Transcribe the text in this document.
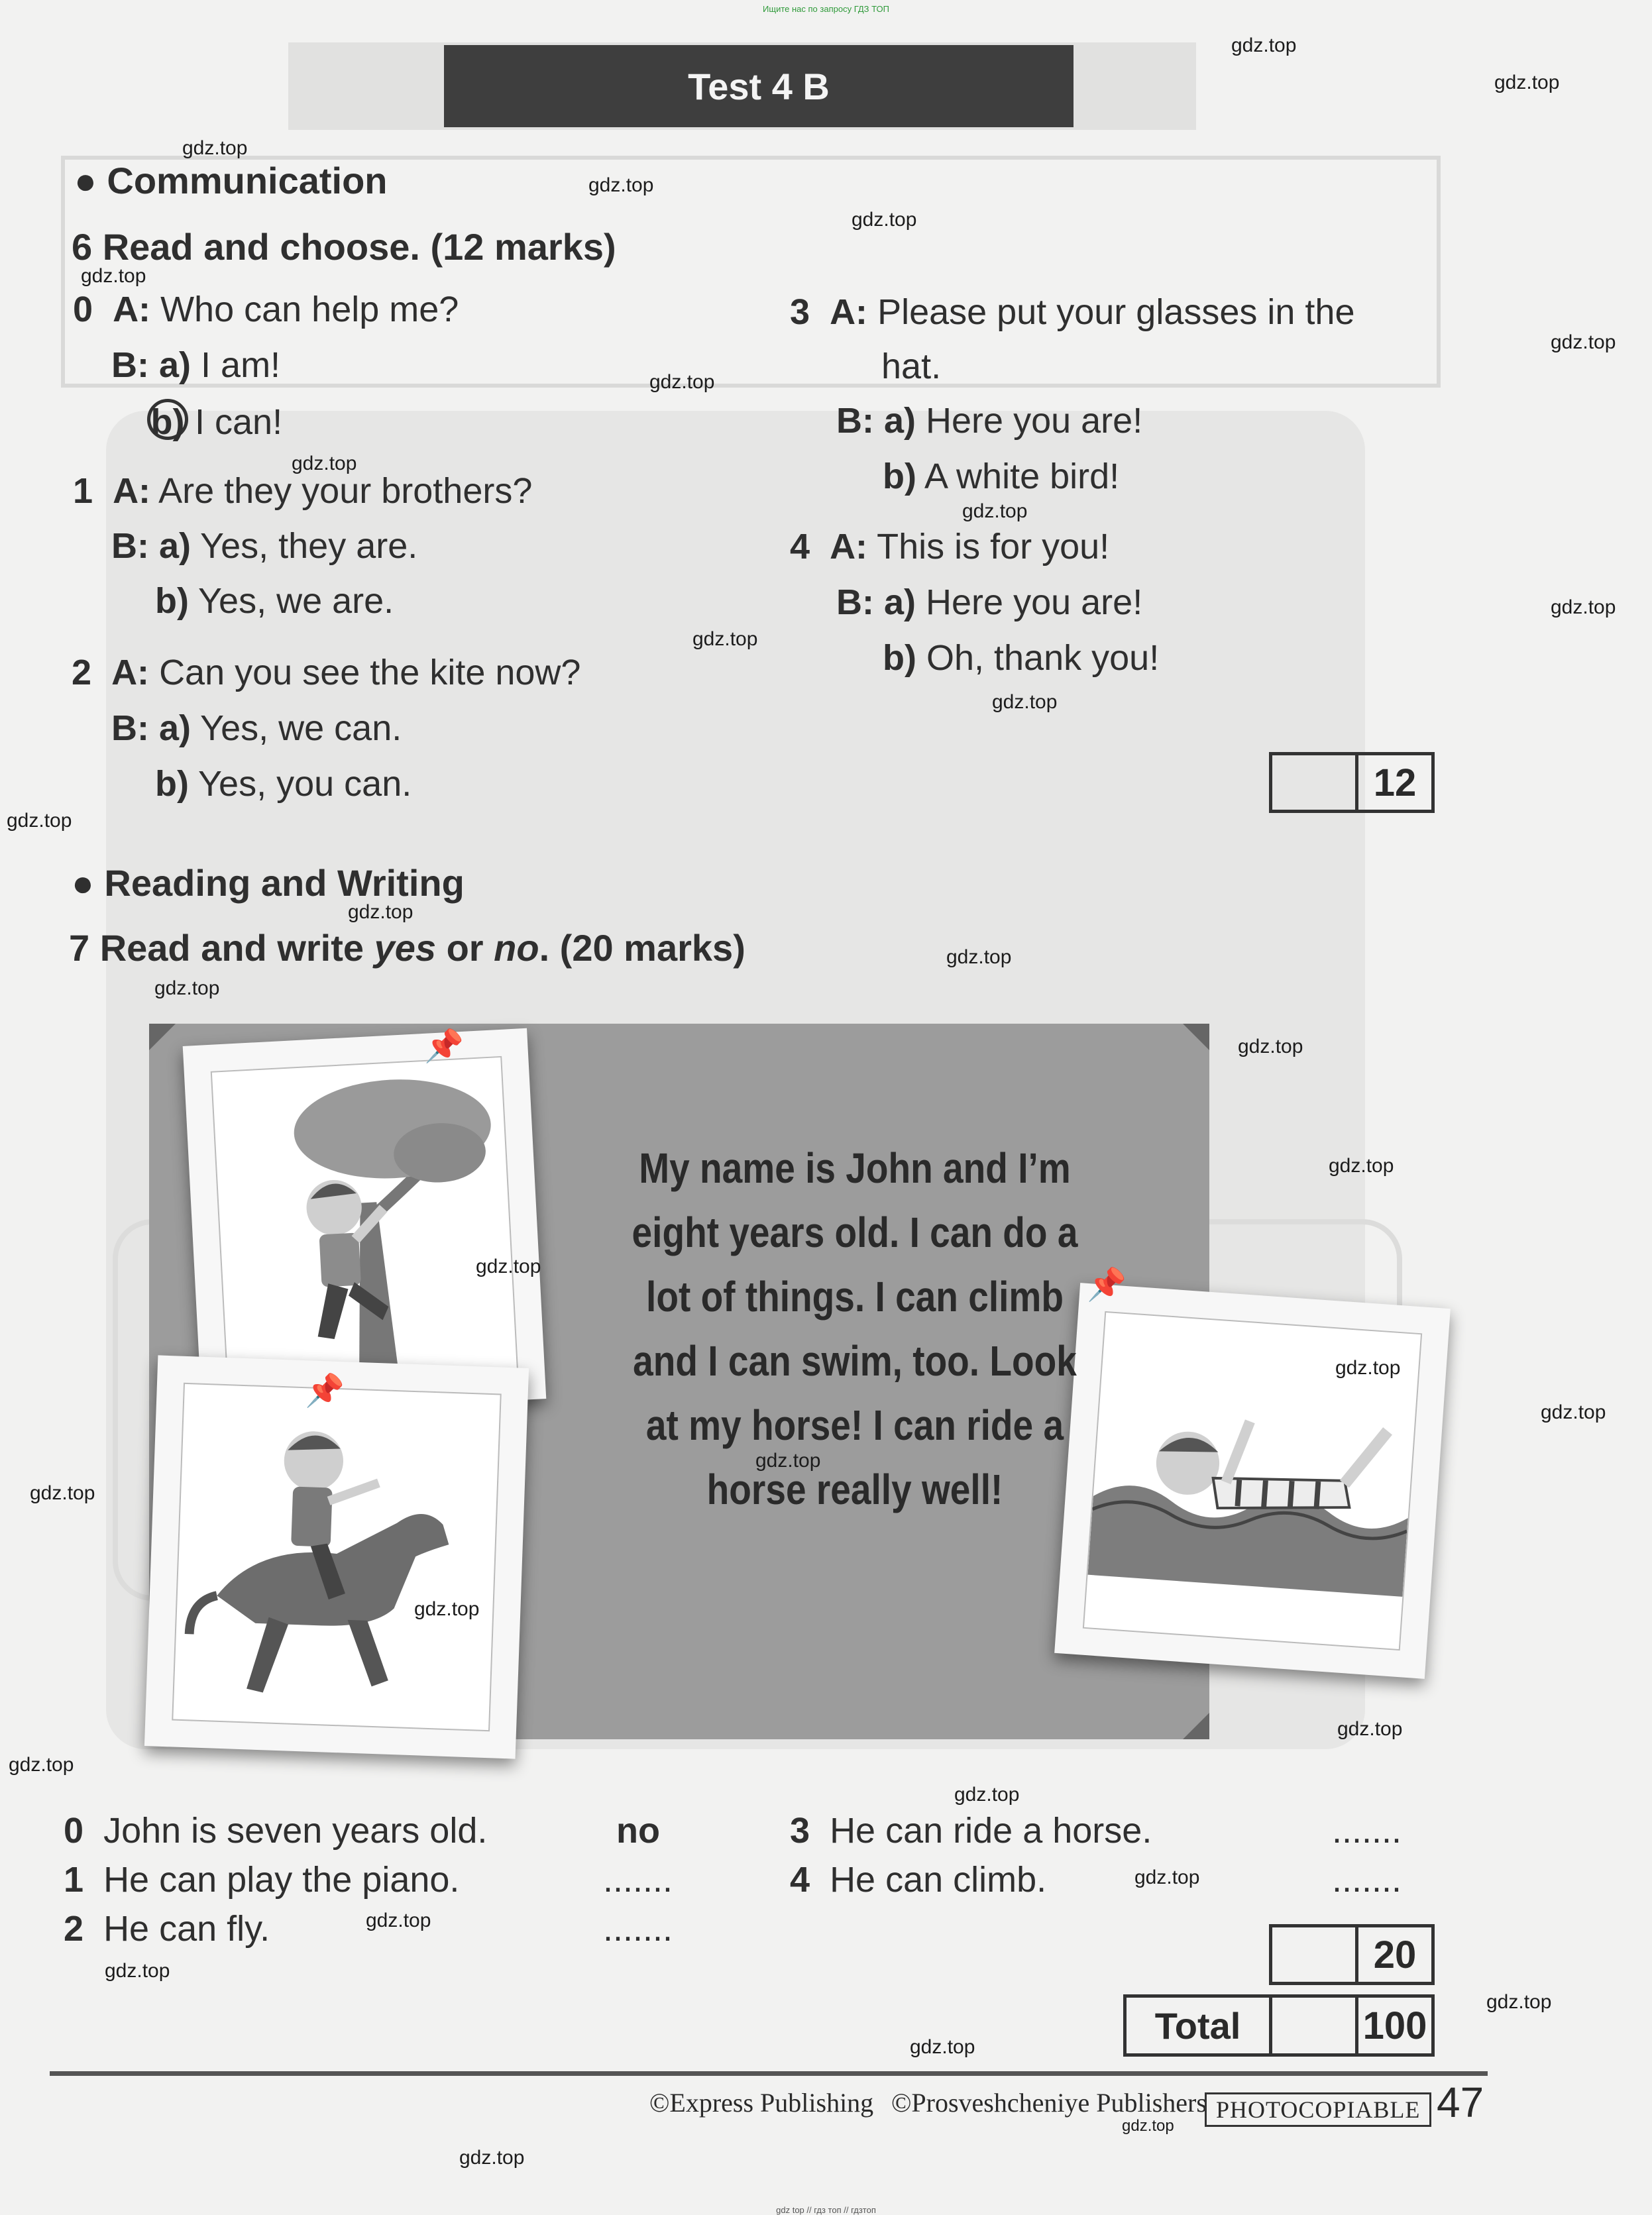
Ищите нас по запросу ГДЗ ТОП
Test 4 B
● Communication
6 Read and choose. (12 marks)
0 A: Who can help me?
B: a) I am!
b) I can!
1 A: Are they your brothers?
B: a) Yes, they are.
b) Yes, we are.
2 A: Can you see the kite now?
B: a) Yes, we can.
b) Yes, you can.
3 A: Please put your glasses in the
hat.
B: a) Here you are!
b) A white bird!
4 A: This is for you!
B: a) Here you are!
b) Oh, thank you!
12
● Reading and Writing
7 Read and write yes or no. (20 marks)
📌
📌
📌
My name is John and I’m
eight years old. I can do a
lot of things. I can climb
and I can swim, too. Look
at my horse! I can ride a
horse really well!
0 John is seven years old.	no
1 He can play the piano.	.......
2 He can fly.	.......
3 He can ride a horse.	.......
4 He can climb.	.......
20
Total	100
©Express Publishing ©Prosveshcheniye Publishers PHOTOCOPIABLE 47
gdz.top
gdz.top
gdz.top
gdz.top
gdz.top
gdz.top
gdz.top
gdz.top
gdz.top
gdz.top
gdz.top
gdz.top
gdz.top
gdz.top
gdz.top
gdz.top
gdz.top
gdz.top
gdz.top
gdz.top
gdz.top
gdz.top
gdz.top
gdz.top
gdz.top
gdz.top
gdz.top
gdz.top
gdz.top
gdz.top
gdz.top
gdz.top
gdz.top
gdz.top
gdz.top
gdz top // гдз топ // гдзтоп
